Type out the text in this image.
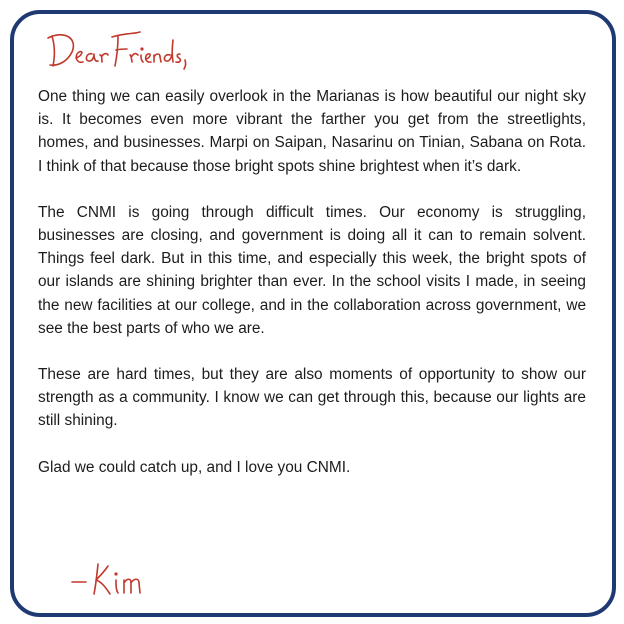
One thing we can easily overlook in the Marianas is how beautiful our night sky is. It becomes even more vibrant the farther you get from the streetlights, homes, and businesses. Marpi on Saipan, Nasarinu on Tinian, Sabana on Rota. I think of that because those bright spots shine brightest when it’s dark.

The CNMI is going through difficult times. Our economy is struggling, businesses are closing, and government is doing all it can to remain solvent. Things feel dark. But in this time, and especially this week, the bright spots of our islands are shining brighter than ever. In the school visits I made, in seeing the new facilities at our college, and in the collaboration across government, we see the best parts of who we are.

These are hard times, but they are also moments of opportunity to show our strength as a community. I know we can get through this, because our lights are still shining.

Glad we could catch up, and I love you CNMI.
